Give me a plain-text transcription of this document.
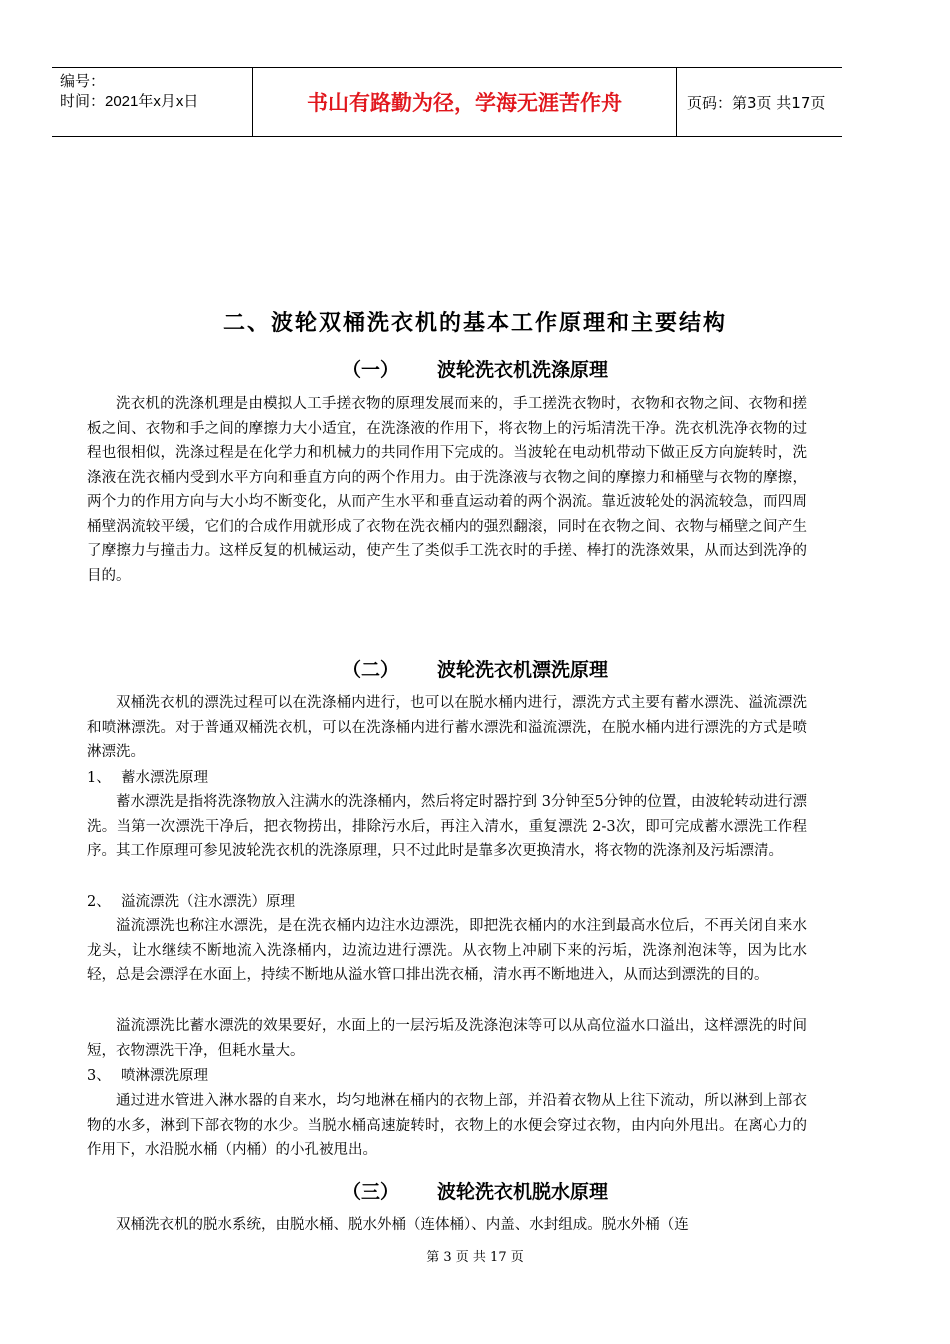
编号：
时间：2021年x月x日	书山有路勤为径，学海无涯苦作舟	页码：第3页 共17页
二、波轮双桶洗衣机的基本工作原理和主要结构
（一） 波轮洗衣机洗涤原理
洗衣机的洗涤机理是由模拟人工手搓衣物的原理发展而来的，手工搓洗衣物时，衣物和衣物之间、衣物和搓板之间、衣物和手之间的摩擦力大小适宜，在洗涤液的作用下，将衣物上的污垢清洗干净。洗衣机洗净衣物的过程也很相似，洗涤过程是在化学力和机械力的共同作用下完成的。当波轮在电动机带动下做正反方向旋转时，洗涤液在洗衣桶内受到水平方向和垂直方向的两个作用力。由于洗涤液与衣物之间的摩擦力和桶壁与衣物的摩擦，两个力的作用方向与大小均不断变化，从而产生水平和垂直运动着的两个涡流。靠近波轮处的涡流较急，而四周桶壁涡流较平缓，它们的合成作用就形成了衣物在洗衣桶内的强烈翻滚，同时在衣物之间、衣物与桶壁之间产生了摩擦力与撞击力。这样反复的机械运动，使产生了类似手工洗衣时的手搓、棒打的洗涤效果，从而达到洗净的目的。
（二） 波轮洗衣机漂洗原理
双桶洗衣机的漂洗过程可以在洗涤桶内进行，也可以在脱水桶内进行，漂洗方式主要有蓄水漂洗、溢流漂洗和喷淋漂洗。对于普通双桶洗衣机，可以在洗涤桶内进行蓄水漂洗和溢流漂洗，在脱水桶内进行漂洗的方式是喷淋漂洗。
1、 蓄水漂洗原理
蓄水漂洗是指将洗涤物放入注满水的洗涤桶内，然后将定时器拧到 3分钟至5分钟的位置，由波轮转动进行漂洗。当第一次漂洗干净后，把衣物捞出，排除污水后，再注入清水，重复漂洗 2-3次，即可完成蓄水漂洗工作程序。其工作原理可参见波轮洗衣机的洗涤原理，只不过此时是靠多次更换清水，将衣物的洗涤剂及污垢漂清。
2、 溢流漂洗（注水漂洗）原理
溢流漂洗也称注水漂洗，是在洗衣桶内边注水边漂洗，即把洗衣桶内的水注到最高水位后，不再关闭自来水龙头，让水继续不断地流入洗涤桶内，边流边进行漂洗。从衣物上冲刷下来的污垢，洗涤剂泡沫等，因为比水轻，总是会漂浮在水面上，持续不断地从溢水管口排出洗衣桶，清水再不断地进入，从而达到漂洗的目的。
溢流漂洗比蓄水漂洗的效果要好，水面上的一层污垢及洗涤泡沫等可以从高位溢水口溢出，这样漂洗的时间短，衣物漂洗干净，但耗水量大。
3、 喷淋漂洗原理
通过进水管进入淋水器的自来水，均匀地淋在桶内的衣物上部，并沿着衣物从上往下流动，所以淋到上部衣物的水多，淋到下部衣物的水少。当脱水桶高速旋转时，衣物上的水便会穿过衣物，由内向外甩出。在离心力的作用下，水沿脱水桶（内桶）的小孔被甩出。
（三） 波轮洗衣机脱水原理
双桶洗衣机的脱水系统，由脱水桶、脱水外桶（连体桶）、内盖、水封组成。脱水外桶（连
第 3 页 共 17 页
